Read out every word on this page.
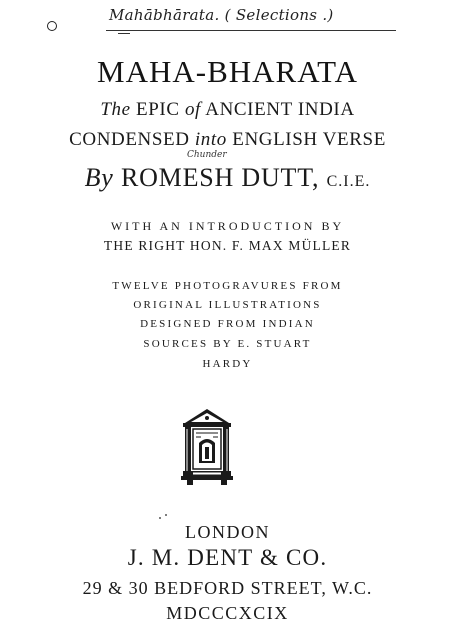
Mahābhārata. ( Selections .)
MAHA-BHARATA
The EPIC of ANCIENT INDIA
CONDENSED into ENGLISH VERSE
Chunder
By ROMESH DUTT, C.I.E.
WITH AN INTRODUCTION BY
THE RIGHT HON. F. MAX MÜLLER
TWELVE PHOTOGRAVURES FROM
ORIGINAL ILLUSTRATIONS
DESIGNED FROM INDIAN
SOURCES BY E. STUART
HARDY
LONDON
J. M. DENT & CO.
29 & 30 BEDFORD STREET, W.C.
MDCCCXCIX
